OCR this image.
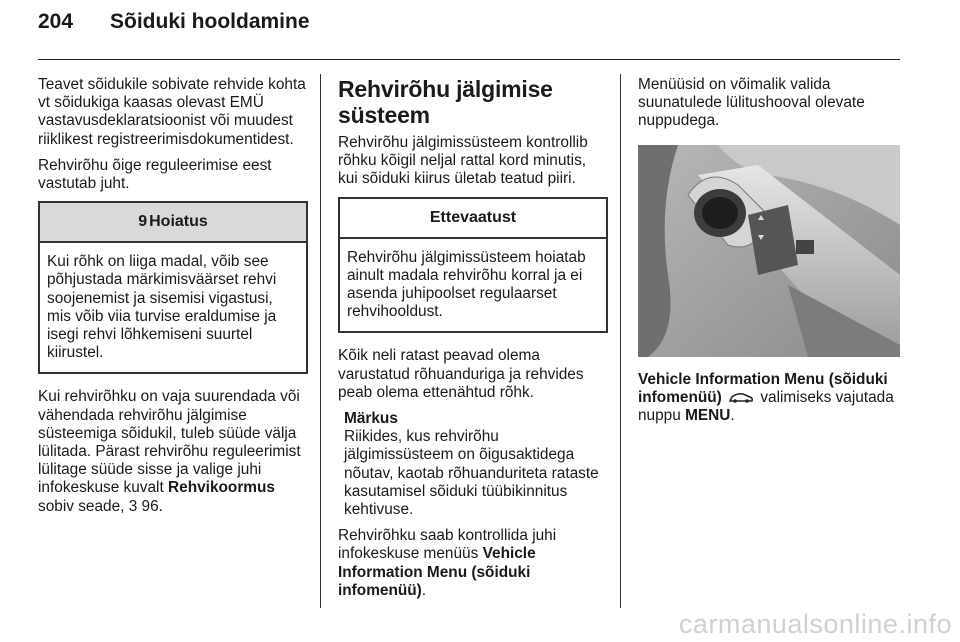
204 Sõiduki hooldamine

Teavet sõidukile sobivate rehvide kohta vt sõidukiga kaasas olevast EMÜ vastavusdeklaratsioonist või muudest riiklikest registreerimisdokumentidest.

Rehvirõhu õige reguleerimise eest vastutab juht.

9 Hoiatus
Kui rõhk on liiga madal, võib see põhjustada märkimisväärset rehvi soojenemist ja sisemisi vigastusi, mis võib viia turvise eraldumise ja isegi rehvi lõhkemiseni suurtel kiirustel.

Kui rehvirõhku on vaja suurendada või vähendada rehvirõhu jälgimise süsteemiga sõidukil, tuleb süüde välja lülitada. Pärast rehvirõhu reguleerimist lülitage süüde sisse ja valige juhi infokeskuse kuvalt Rehvikoormus sobiv seade, 3 96.

Rehvirõhu jälgimise süsteem

Rehvirõhu jälgimissüsteem kontrollib rõhku kõigil neljal rattal kord minutis, kui sõiduki kiirus ületab teatud piiri.

Ettevaatust
Rehvirõhu jälgimissüsteem hoiatab ainult madala rehvirõhu korral ja ei asenda juhipoolset regulaarset rehvihooldust.

Kõik neli ratast peavad olema varustatud rõhuanduriga ja rehvides peab olema ettenähtud rõhk.

Märkus

Riikides, kus rehvirõhu jälgimissüsteem on õigusaktidega nõutav, kaotab rõhuanduriteta rataste kasutamisel sõiduki tüübikinnitus kehtivuse.

Rehvirõhku saab kontrollida juhi infokeskuse menüüs Vehicle Information Menu (sõiduki infomenüü).

Menüüsid on võimalik valida suunatulede lülitushooval olevate nuppudega.

Vehicle Information Menu (sõiduki infomenüü)	valimiseks vajutada nuppu MENU.

carmanualsonline.info
